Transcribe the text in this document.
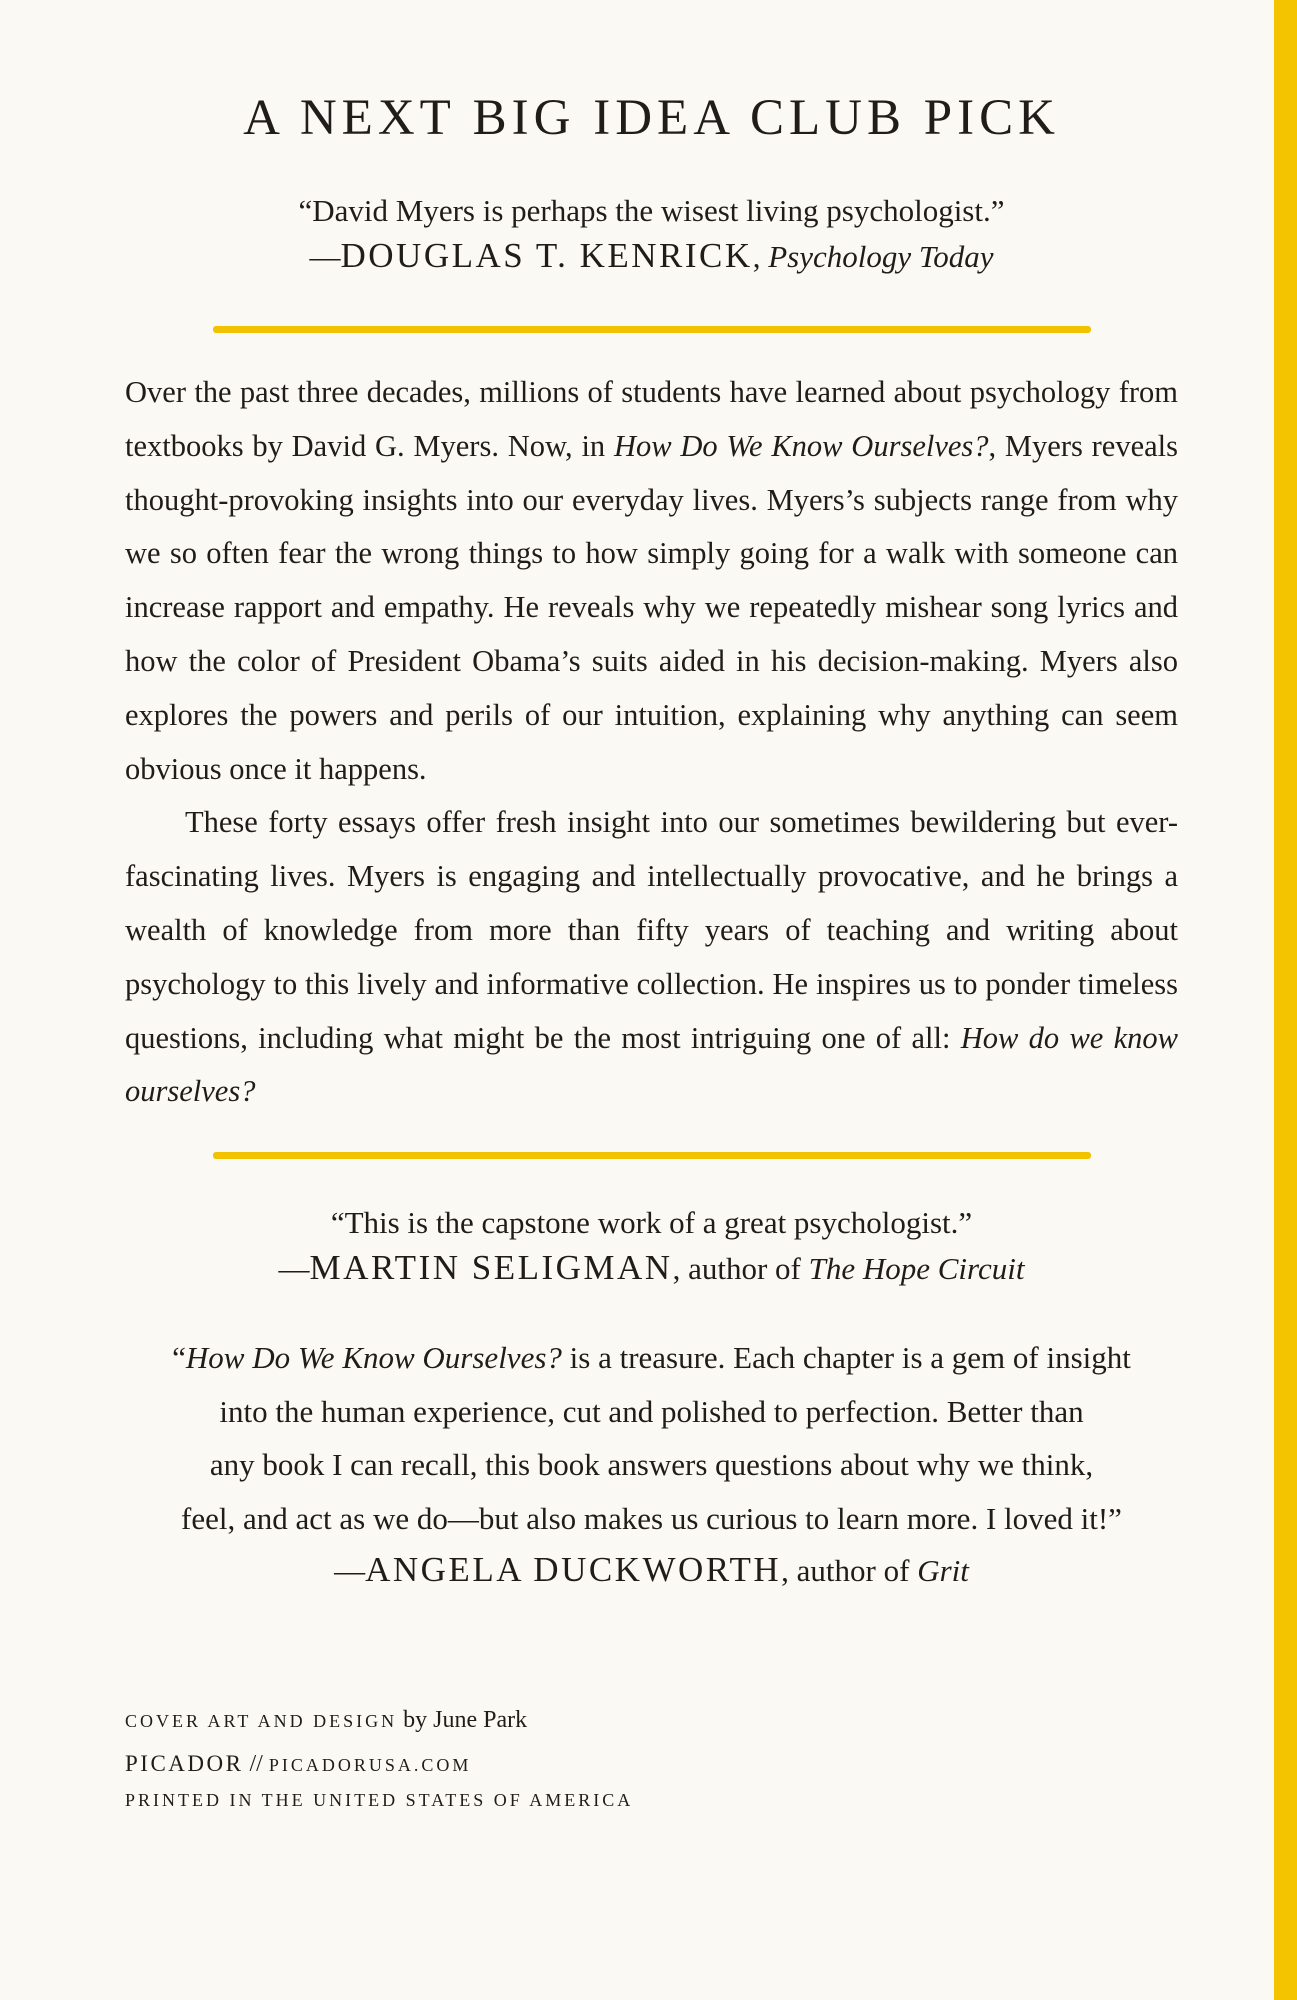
A NEXT BIG IDEA CLUB PICK
“David Myers is perhaps the wisest living psychologist.”
—DOUGLAS T. KENRICK, Psychology Today

Over the past three decades, millions of students have learned about psychology from textbooks by David G. Myers. Now, in How Do We Know Ourselves?, Myers reveals thought-provoking insights into our everyday lives. Myers’s subjects range from why we so often fear the wrong things to how simply going for a walk with someone can increase rapport and empathy. He reveals why we repeatedly mishear song lyrics and how the color of President Obama’s suits aided in his decision-making. Myers also explores the powers and perils of our intuition, explaining why anything can seem obvious once it happens.

These forty essays offer fresh insight into our sometimes bewildering but ever-fascinating lives. Myers is engaging and intellectually provocative, and he brings a wealth of knowledge from more than fifty years of teaching and writing about psychology to this lively and informative collection. He inspires us to ponder timeless questions, including what might be the most intriguing one of all: How do we know ourselves?

“This is the capstone work of a great psychologist.”
—MARTIN SELIGMAN, author of The Hope Circuit
“How Do We Know Ourselves? is a treasure. Each chapter is a gem of insight
into the human experience, cut and polished to perfection. Better than
any book I can recall, this book answers questions about why we think,
feel, and act as we do—but also makes us curious to learn more. I loved it!”
—ANGELA DUCKWORTH, author of Grit
COVER ART AND DESIGN by June Park
PICADOR // PICADORUSA.COM
PRINTED IN THE UNITED STATES OF AMERICA
